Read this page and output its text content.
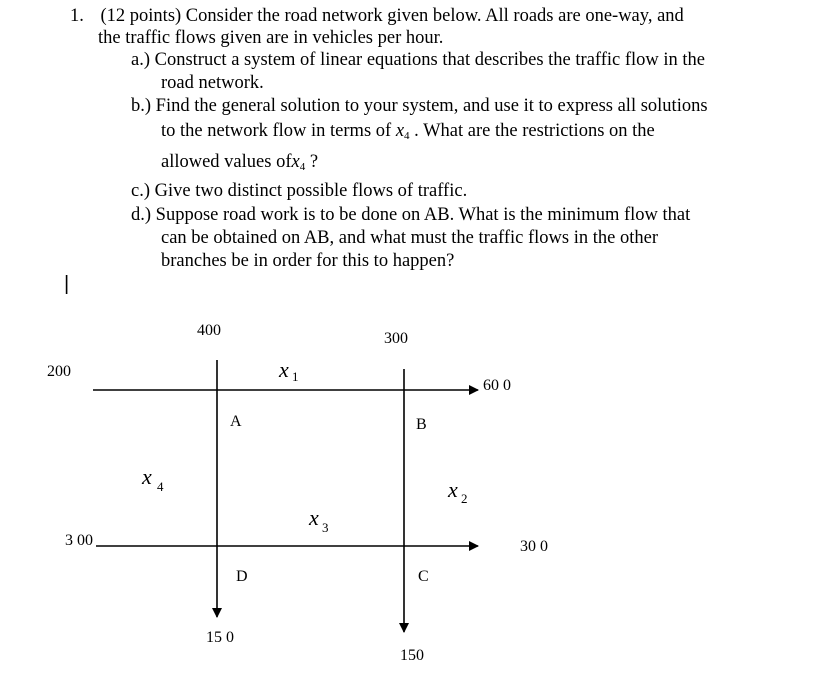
1. (12 points) Consider the road network given below. All roads are one-way, and
the traffic flows given are in vehicles per hour.
a.) Construct a system of linear equations that describes the traffic flow in the
road network.
b.) Find the general solution to your system, and use it to express all solutions
to the network flow in terms of $x_4$ . What are the restrictions on the
allowed values ofx$_4$ ?
c.) Give two distinct possible flows of traffic.
d.) Suppose road work is to be done on AB. What is the minimum flow that
can be obtained on AB, and what must the traffic flows in the other
branches be in order for this to happen?
|
400	300
200
60 0
3 00	30 0
15 0
150
A	B
C
D
x 1
x 2
x 3
x 4
